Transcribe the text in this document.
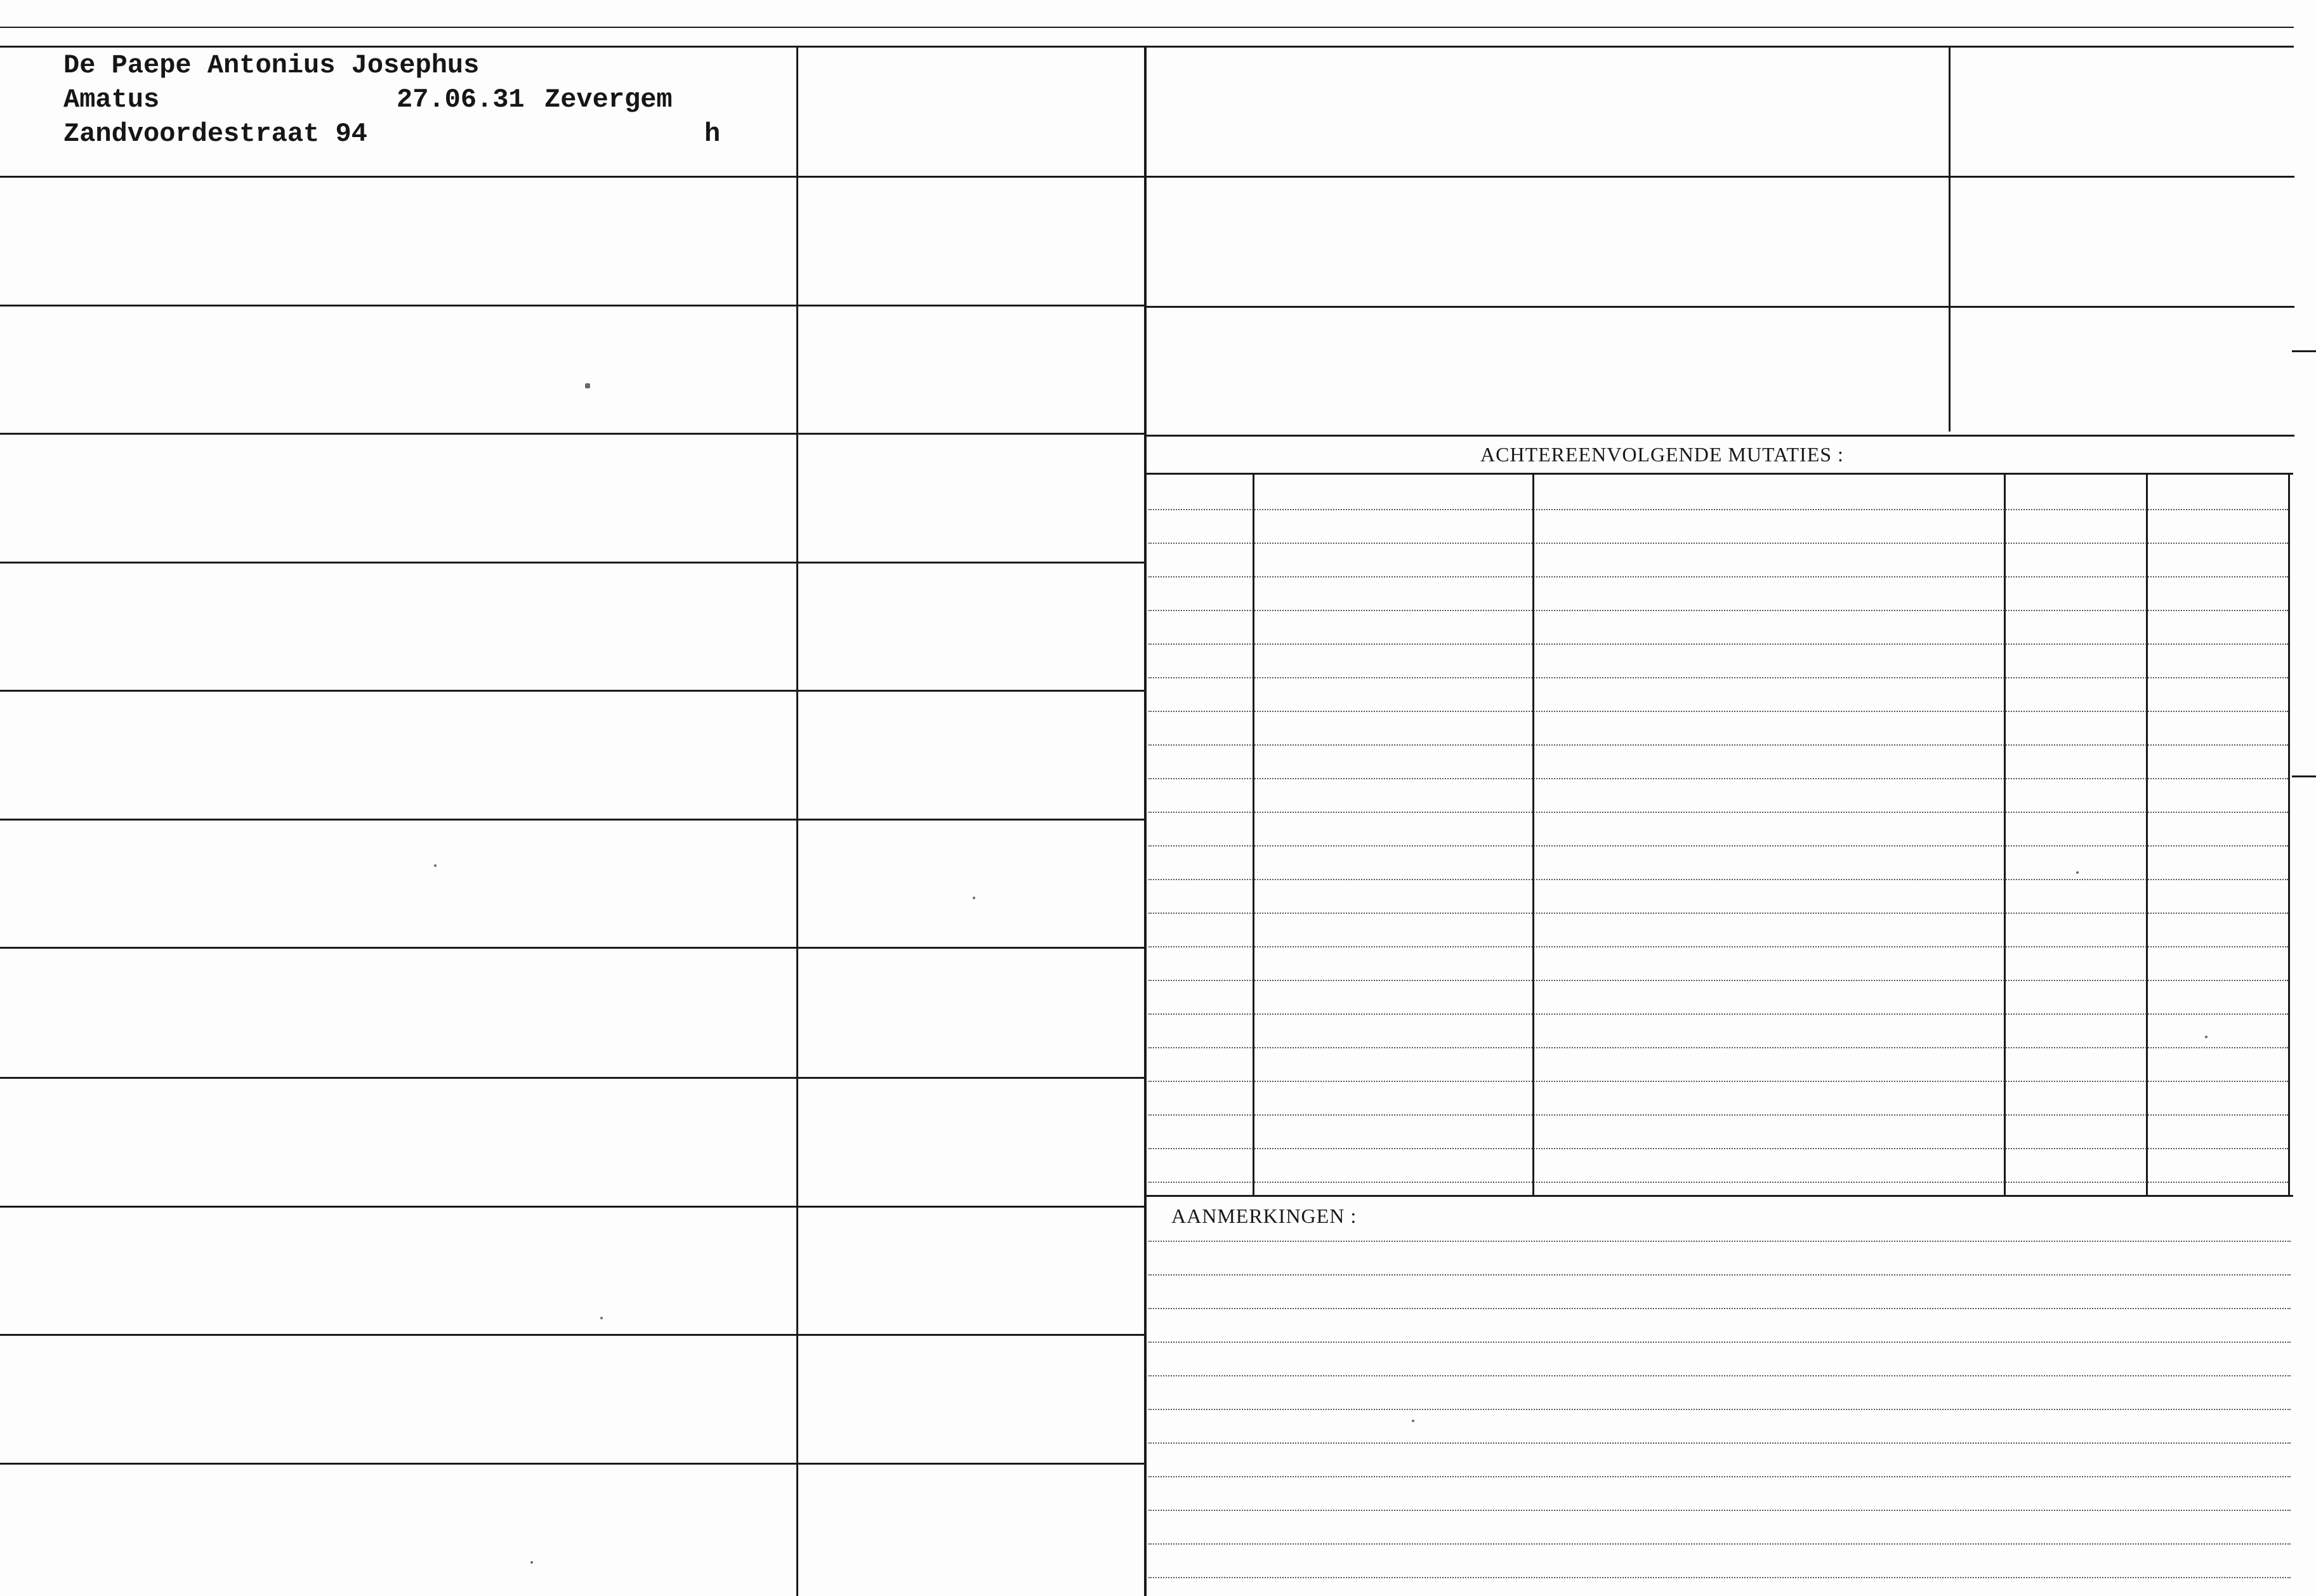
ACHTEREENVOLGENDE MUTATIES :
AANMERKINGEN :
De Paepe Antonius Josephus
Amatus	27.06.31 Zevergem
Zandvoordestraat 94	h
